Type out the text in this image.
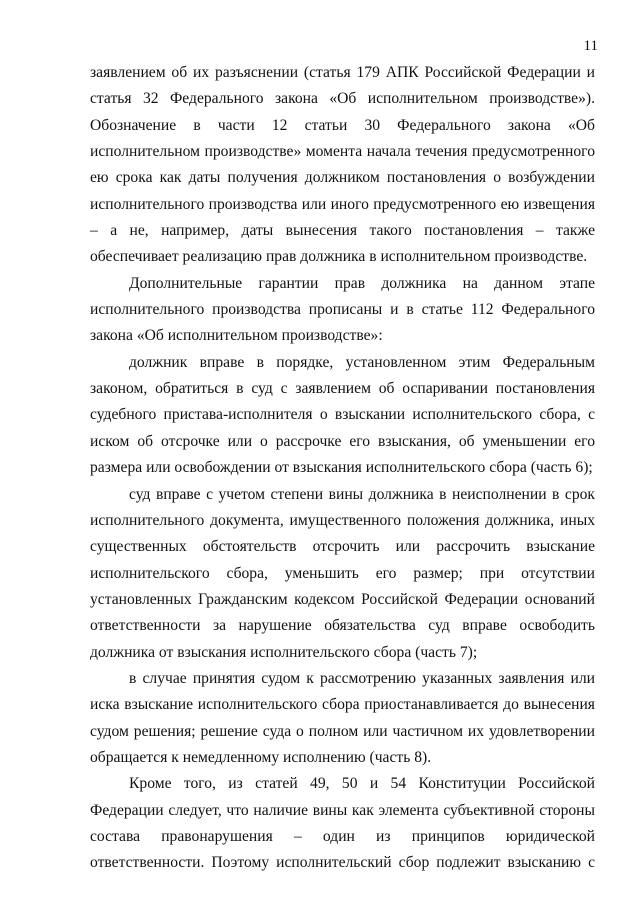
11

заявлением об их разъяснении (статья 179 АПК Российской Федерации и статья 32 Федерального закона «Об исполнительном производстве»). Обозначение в части 12 статьи 30 Федерального закона «Об исполнительном производстве» момента начала течения предусмотренного ею срока как даты получения должником постановления о возбуждении исполнительного производства или иного предусмотренного ею извещения – а не, например, даты вынесения такого постановления – также обеспечивает реализацию прав должника в исполнительном производстве.

Дополнительные гарантии прав должника на данном этапе исполнительного производства прописаны и в статье 112 Федерального закона «Об исполнительном производстве»:

должник вправе в порядке, установленном этим Федеральным законом, обратиться в суд с заявлением об оспаривании постановления судебного пристава-исполнителя о взыскании исполнительского сбора, с иском об отсрочке или о рассрочке его взыскания, об уменьшении его размера или освобождении от взыскания исполнительского сбора (часть 6);

суд вправе с учетом степени вины должника в неисполнении в срок исполнительного документа, имущественного положения должника, иных существенных обстоятельств отсрочить или рассрочить взыскание исполнительского сбора, уменьшить его размер; при отсутствии установленных Гражданским кодексом Российской Федерации оснований ответственности за нарушение обязательства суд вправе освободить должника от взыскания исполнительского сбора (часть 7);

в случае принятия судом к рассмотрению указанных заявления или иска взыскание исполнительского сбора приостанавливается до вынесения судом решения; решение суда о полном или частичном их удовлетворении обращается к немедленному исполнению (часть 8).

Кроме того, из статей 49, 50 и 54 Конституции Российской Федерации следует, что наличие вины как элемента субъективной стороны состава правонарушения – один из принципов юридической ответственности. Поэтому исполнительский сбор подлежит взысканию с
